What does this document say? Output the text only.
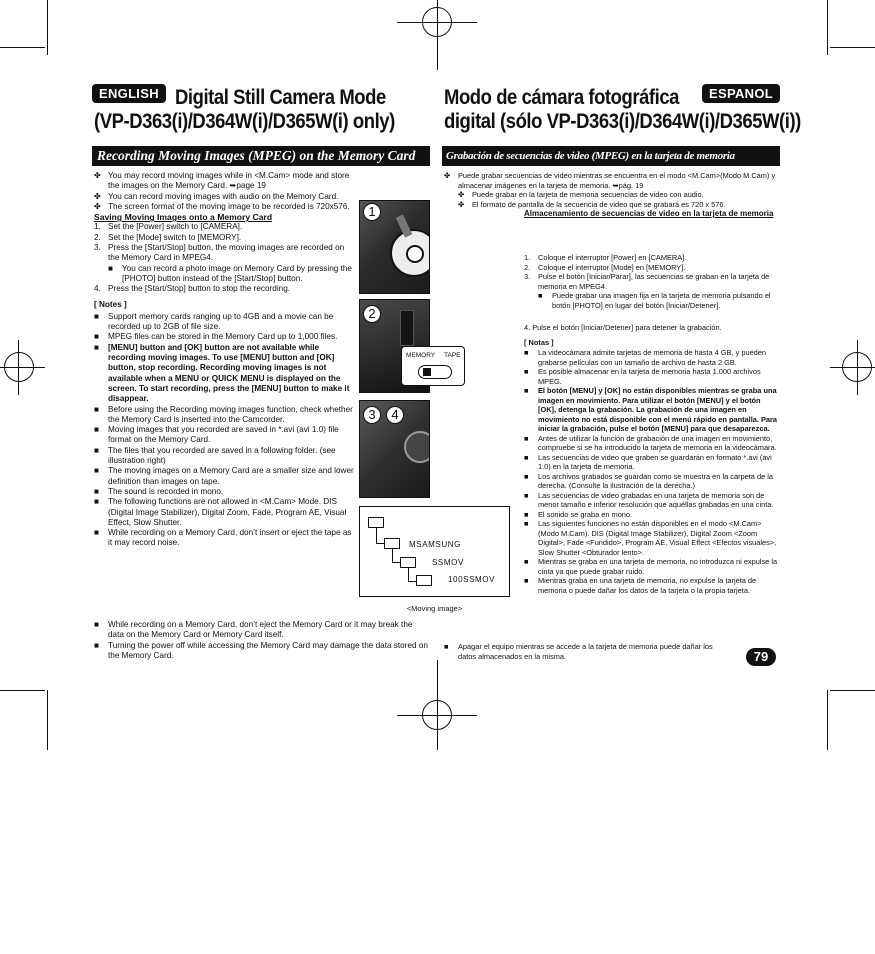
ENGLISH	ESPANOL
Digital Still Camera Mode
(VP-D363(i)/D364W(i)/D365W(i) only)
Modo de cámara fotográfica
digital (sólo VP-D363(i)/D364W(i)/D365W(i))
Recording Moving Images (MPEG) on the Memory Card	Grabación de secuencias de video (MPEG) en la tarjeta de memoria
✤ You may record moving images while in <M.Cam> mode and store the images on the Memory Card. ➥page 19

✤ You can record moving images with audio on the Memory Card.

✤ The screen format of the moving image to be recorded is 720x576.

Saving Moving Images onto a Memory Card

1. Set the [Power] switch to [CAMERA].

2. Set the [Mode] switch to [MEMORY].

3. Press the [Start/Stop] button, the moving images are recorded on the Memory Card in MPEG4.

■ You can record a photo image on Memory Card by pressing the [PHOTO] button instead of the [Start/Stop] button.

4. Press the [Start/Stop] button to stop the recording.

[ Notes ]

■ Support memory cards ranging up to 4GB and a movie can be recorded up to 2GB of file size.

■ MPEG files can be stored in the Memory Card up to 1,000 files.

■ [MENU] button and [OK] button are not available while recording moving images. To use [MENU] button and [OK] button, stop recording. Recording moving images is not available when a MENU or QUICK MENU is displayed on the screen. To start recording, press the [MENU] button to make it disappear.

■ Before using the Recording moving images function, check whether the Memory Card is inserted into the Camcorder.

■ Moving images that you recorded are saved in *.avi (avi 1.0) file format on the Memory Card.

■ The files that you recorded are saved in a following folder. (see illustration right)

■ The moving images on a Memory Card are a smaller size and lower definition than images on tape.

■ The sound is recorded in mono.

■ The following functions are not allowed in <M.Cam> Mode. DIS (Digital Image Stabilizer), Digital Zoom, Fade, Program AE, Visual Effect, Slow Shutter.

■ While recording on a Memory Card, don’t insert or eject the tape as it may record noise.

■ While recording on a Memory Card, don’t eject the Memory Card or it may break the data on the Memory Card or Memory Card itself.

■ Turning the power off while accessing the Memory Card may damage the data stored on the Memory Card.

1
2
MEMORY TAPE
3	4
MSAMSUNG
SSMOV
100SSMOV
<Moving image>
✤ Puede grabar secuencias de video mientras se encuentra en el modo <M.Cam>(Modo M.Cam) y almacenar imágenes en la tarjeta de memoria. ➥pág. 19

✤ Puede grabar en la tarjeta de memoria secuencias de video con audio.

✤ El formato de pantalla de la secuencia de video que se grabará es 720 x 576.

Almacenamiento de secuencias de video en la tarjeta de memoria

1. Coloque el interruptor [Power] en [CAMERA].

2. Coloque el interruptor [Mode] en [MEMORY].

3. Pulse el botón [Iniciar/Parar], las secuencias se graban en la tarjeta de memoria en MPEG4.

■ Puede grabar una imagen fija en la tarjeta de memoria pulsando el botón [PHOTO] en lugar del botón [Iniciar/Detener].

4. Pulse el botón [Iniciar/Detener] para detener la grabación.

[ Notas ]

■ La videocámara admite tarjetas de memoria de hasta 4 GB, y pueden grabarse películas con un tamaño de archivo de hasta 2 GB.

■ Es posible almacenar en la tarjeta de memoria hasta 1.000 archivos MPEG.

■ El botón [MENU] y [OK] no están disponibles mientras se graba una imagen en movimiento. Para utilizar el botón [MENU] y el botón [OK], detenga la grabación. La grabación de una imagen en movimiento no está disponible con el menú rápido en pantalla. Para iniciar la grabación, pulse el botón [MENU] para que desaparezca.

■ Antes de utilizar la función de grabación de una imagen en movimiento, compruebe si se ha introducido la tarjeta de memoria en la videocámara.

■ Las secuencias de video que graben se guardarán en formato *.avi (avi 1.0) en la tarjeta de memoria.

■ Los archivos grabados se guardan como se muestra en la carpeta de la derecha. (Consulte la ilustración de la derecha.)

■ Las secuencias de video grabadas en una tarjeta de memoria son de menor tamaño e inferior resolución que aquéllas grabadas en una cinta.

■ El sonido se graba en mono.

■ Las siguientes funciones no están disponibles en el modo <M.Cam>(Modo M.Cam). DIS (Digital Image Stabilizer), Digital Zoom <Zoom Digital>, Fade <Fundido>, Program AE, Visual Effect <Efectos visuales>, Slow Shutter <Obturador lento>.

■ Mientras se graba en una tarjeta de memoria, no introduzca ni expulse la cinta ya que puede grabar ruido.

■ Mientras graba en una tarjeta de memoria, no expulse la tarjeta de memoria o puede dañar los datos de la tarjeta o la propia tarjeta.

■ Apagar el equipo mientras se accede a la tarjeta de memoria puede dañar los datos almacenados en la misma.	79
